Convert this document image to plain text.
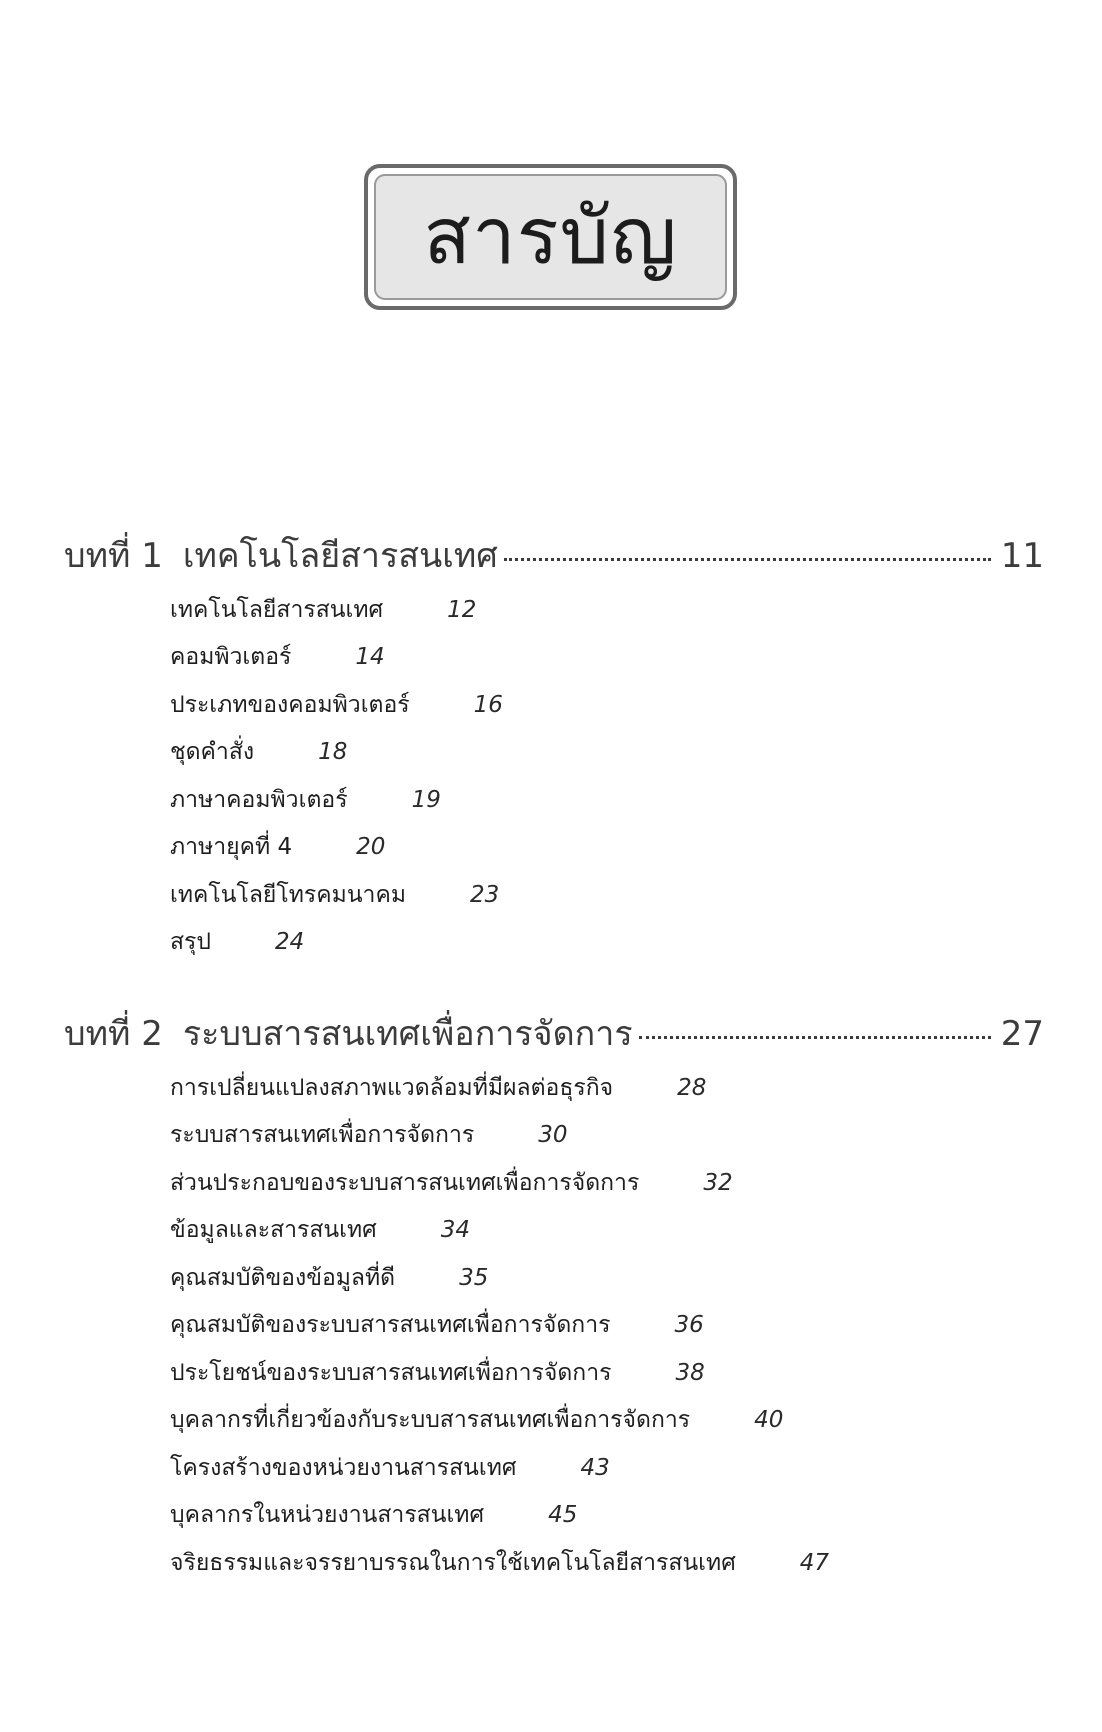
สารบัญ
บทที่ 1 เทคโนโลยีสารสนเทศ	11
เทคโนโลยีสารสนเทศ	12
คอมพิวเตอร์	14
ประเภทของคอมพิวเตอร์	16
ชุดคำสั่ง	18
ภาษาคอมพิวเตอร์	19
ภาษายุคที่ 4	20
เทคโนโลยีโทรคมนาคม	23
สรุป	24
บทที่ 2 ระบบสารสนเทศเพื่อการจัดการ	27
การเปลี่ยนแปลงสภาพแวดล้อมที่มีผลต่อธุรกิจ	28
ระบบสารสนเทศเพื่อการจัดการ	30
ส่วนประกอบของระบบสารสนเทศเพื่อการจัดการ	32
ข้อมูลและสารสนเทศ	34
คุณสมบัติของข้อมูลที่ดี	35
คุณสมบัติของระบบสารสนเทศเพื่อการจัดการ	36
ประโยชน์ของระบบสารสนเทศเพื่อการจัดการ	38
บุคลากรที่เกี่ยวข้องกับระบบสารสนเทศเพื่อการจัดการ	40
โครงสร้างของหน่วยงานสารสนเทศ	43
บุคลากรในหน่วยงานสารสนเทศ	45
จริยธรรมและจรรยาบรรณในการใช้เทคโนโลยีสารสนเทศ	47
